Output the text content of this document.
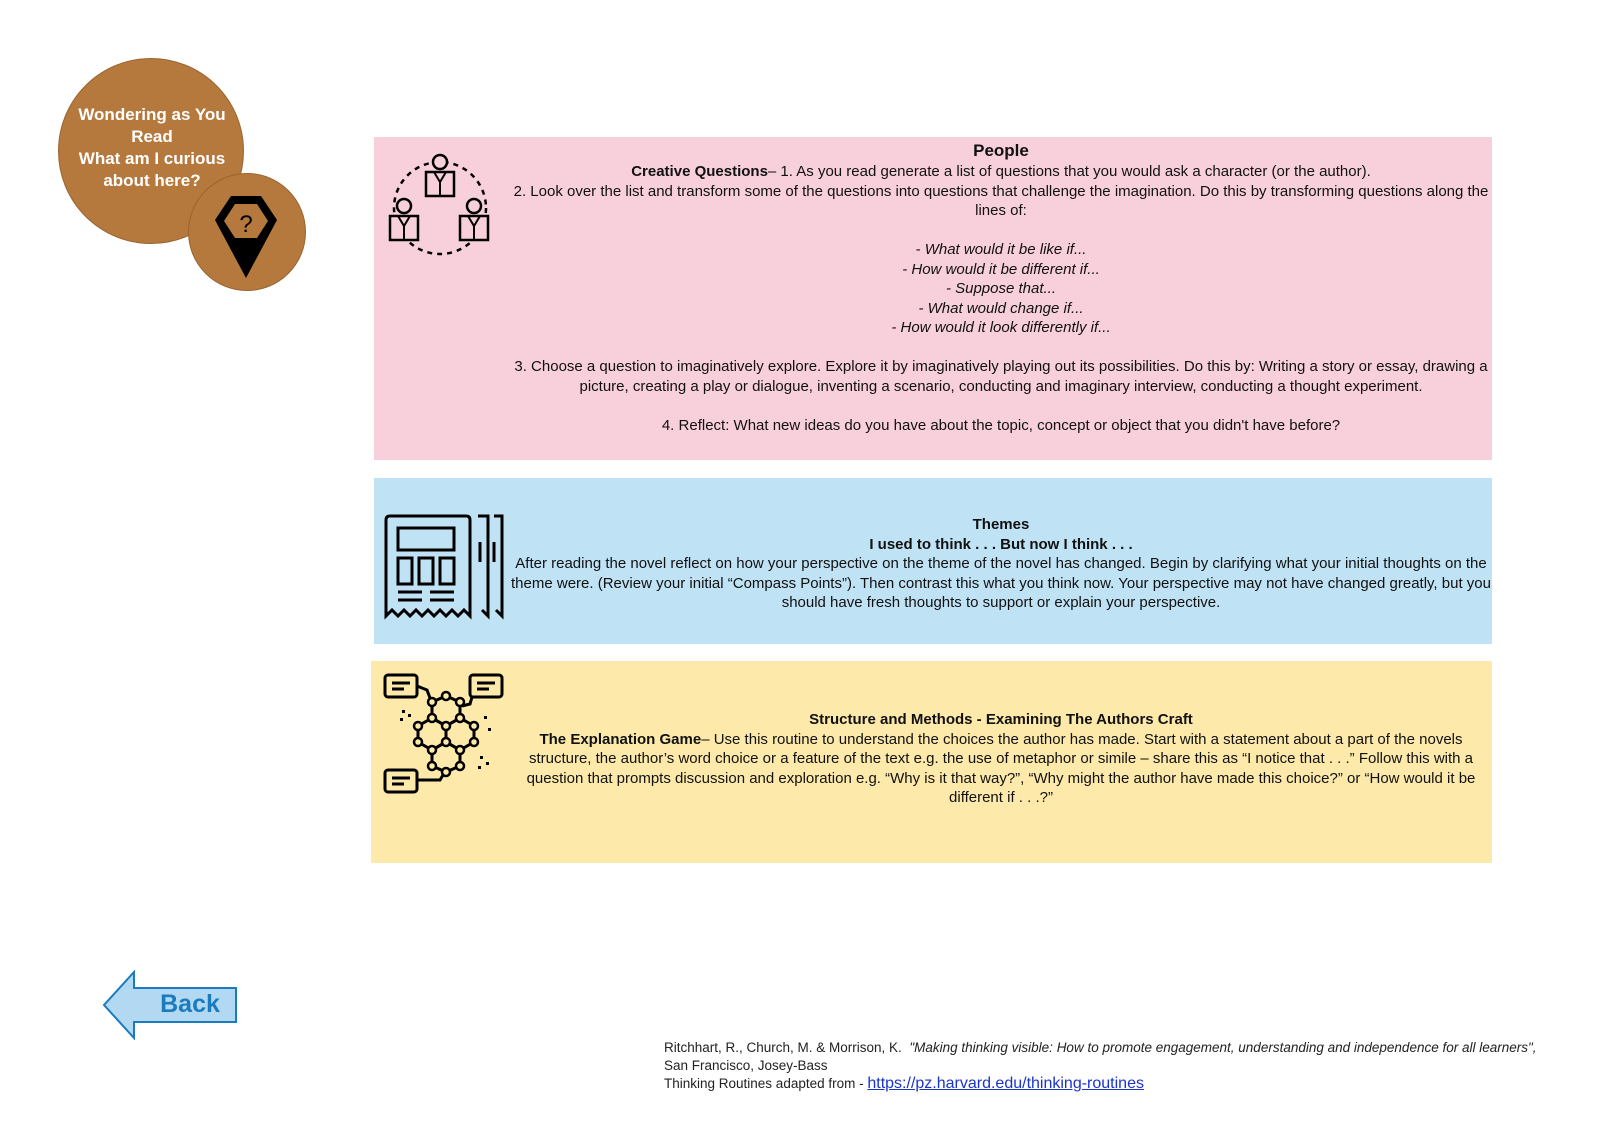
Wondering as You
Read
What am I curious
about here?
?

People

Creative Questions– 1. As you read generate a list of questions that you would ask a character (or the author).

2. Look over the list and transform some of the questions into questions that challenge the imagination. Do this by transforming questions along the lines of:

- What would it be like if...

- How would it be different if...

- Suppose that...

- What would change if...

- How would it look differently if...

3. Choose a question to imaginatively explore. Explore it by imaginatively playing out its possibilities. Do this by: Writing a story or essay, drawing a picture, creating a play or dialogue, inventing a scenario, conducting and imaginary interview, conducting a thought experiment.

4. Reflect: What new ideas do you have about the topic, concept or object that you didn't have before?

Themes

I used to think . . . But now I think . . .

After reading the novel reflect on how your perspective on the theme of the novel has changed. Begin by clarifying what your initial thoughts on the theme were. (Review your initial “Compass Points”). Then contrast this what you think now. Your perspective may not have changed greatly, but you should have fresh thoughts to support or explain your perspective.

Structure and Methods - Examining The Authors Craft

The Explanation Game– Use this routine to understand the choices the author has made. Start with a statement about a part of the novels structure, the author’s word choice or a feature of the text e.g. the use of metaphor or simile – share this as “I notice that . . .” Follow this with a question that prompts discussion and exploration e.g. “Why is it that way?”, “Why might the author have made this choice?” or “How would it be different if . . .?”

Back

Ritchhart, R., Church, M. & Morrison, K.  "Making thinking visible: How to promote engagement, understanding and independence for all learners", San Francisco, Josey-Bass

Thinking Routines adapted from - https://pz.harvard.edu/thinking-routines
